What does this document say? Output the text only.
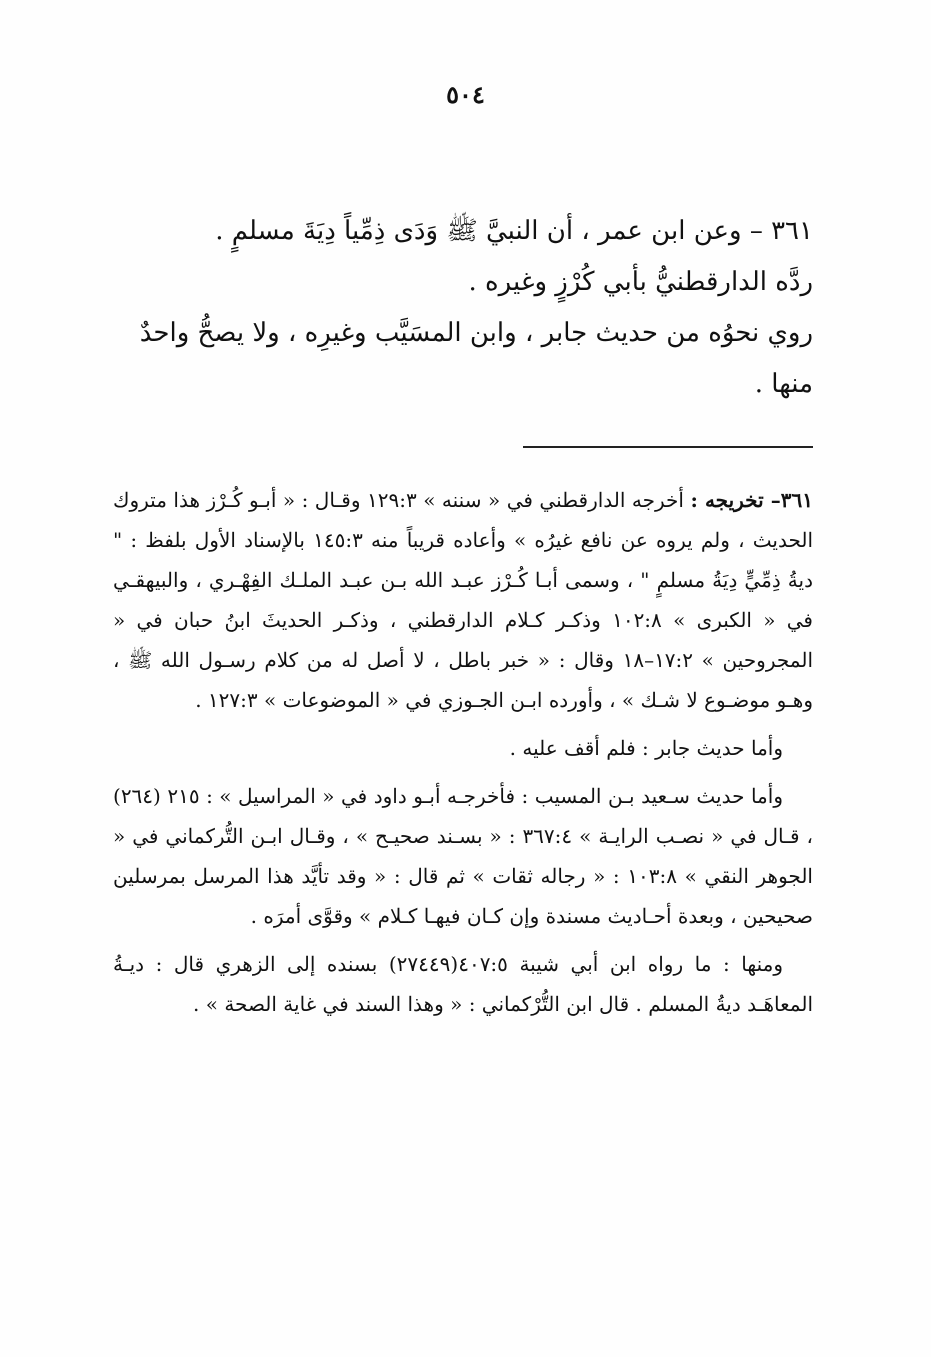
٥٠٤

٣٦١ – وعن ابن عمر ، أن النبيَّ ﷺ وَدَى ذِمِّياً دِيَةَ مسلمٍ .

ردَّه الدارقطنيُّ بأبي كُرْزٍ وغيره .

روي نحوُه من حديث جابر ، وابن المسَيَّب وغيرِه ، ولا يصحُّ واحدٌ منها .

٣٦١– تخريجه : أخرجه الدارقطني في « سننه » ١٢٩:٣ وقـال : « أبـو كُـرْز هذا متروك الحديث ، ولم يروه عن نافع غيرُه » وأعاده قريباً منه ١٤٥:٣ بالإسناد الأول بلفظ : " ديةُ ذِمِّيٍّ دِيَةُ مسلمٍ " ، وسمى أبـا كُـرْز عبـد الله بـن عبـد الملـك الفِهْـري ، والبيهقـي في « الكبرى » ١٠٢:٨ وذكـر كـلام الدارقطني ، وذكـر الحديثَ ابنُ حبان في « المجروحين » ١٧:٢–١٨ وقال : « خبر باطل ، لا أصل له من كلام رسـول الله ﷺ ، وهـو موضـوع لا شـك » ، وأورده ابـن الجـوزي في « الموضوعات » ١٢٧:٣ .

وأما حديث جابر : فلم أقف عليه .

وأما حديث سـعيد بـن المسيب : فأخرجـه أبـو داود في « المراسيل » : ٢١٥ (٢٦٤) ، قـال في « نصـب الرايـة » ٣٦٧:٤ : « بسـند صحيـح » ، وقـال ابـن التُّركماني في « الجوهر النقي » ١٠٣:٨ : « رجاله ثقات » ثم قال : « وقد تأيَّد هذا المرسل بمرسلين صحيحين ، وبعدة أحـاديث مسندة وإن كـان فيهـا كـلام » وقوَّى أمرَه .

ومنها : ما رواه ابن أبي شيبة ٤٠٧:٥(٢٧٤٤٩) بسنده إلى الزهري قال : ديـةُ المعاهَـد ديةُ المسلم . قال ابن التُّرْكماني : « وهذا السند في غاية الصحة » .
